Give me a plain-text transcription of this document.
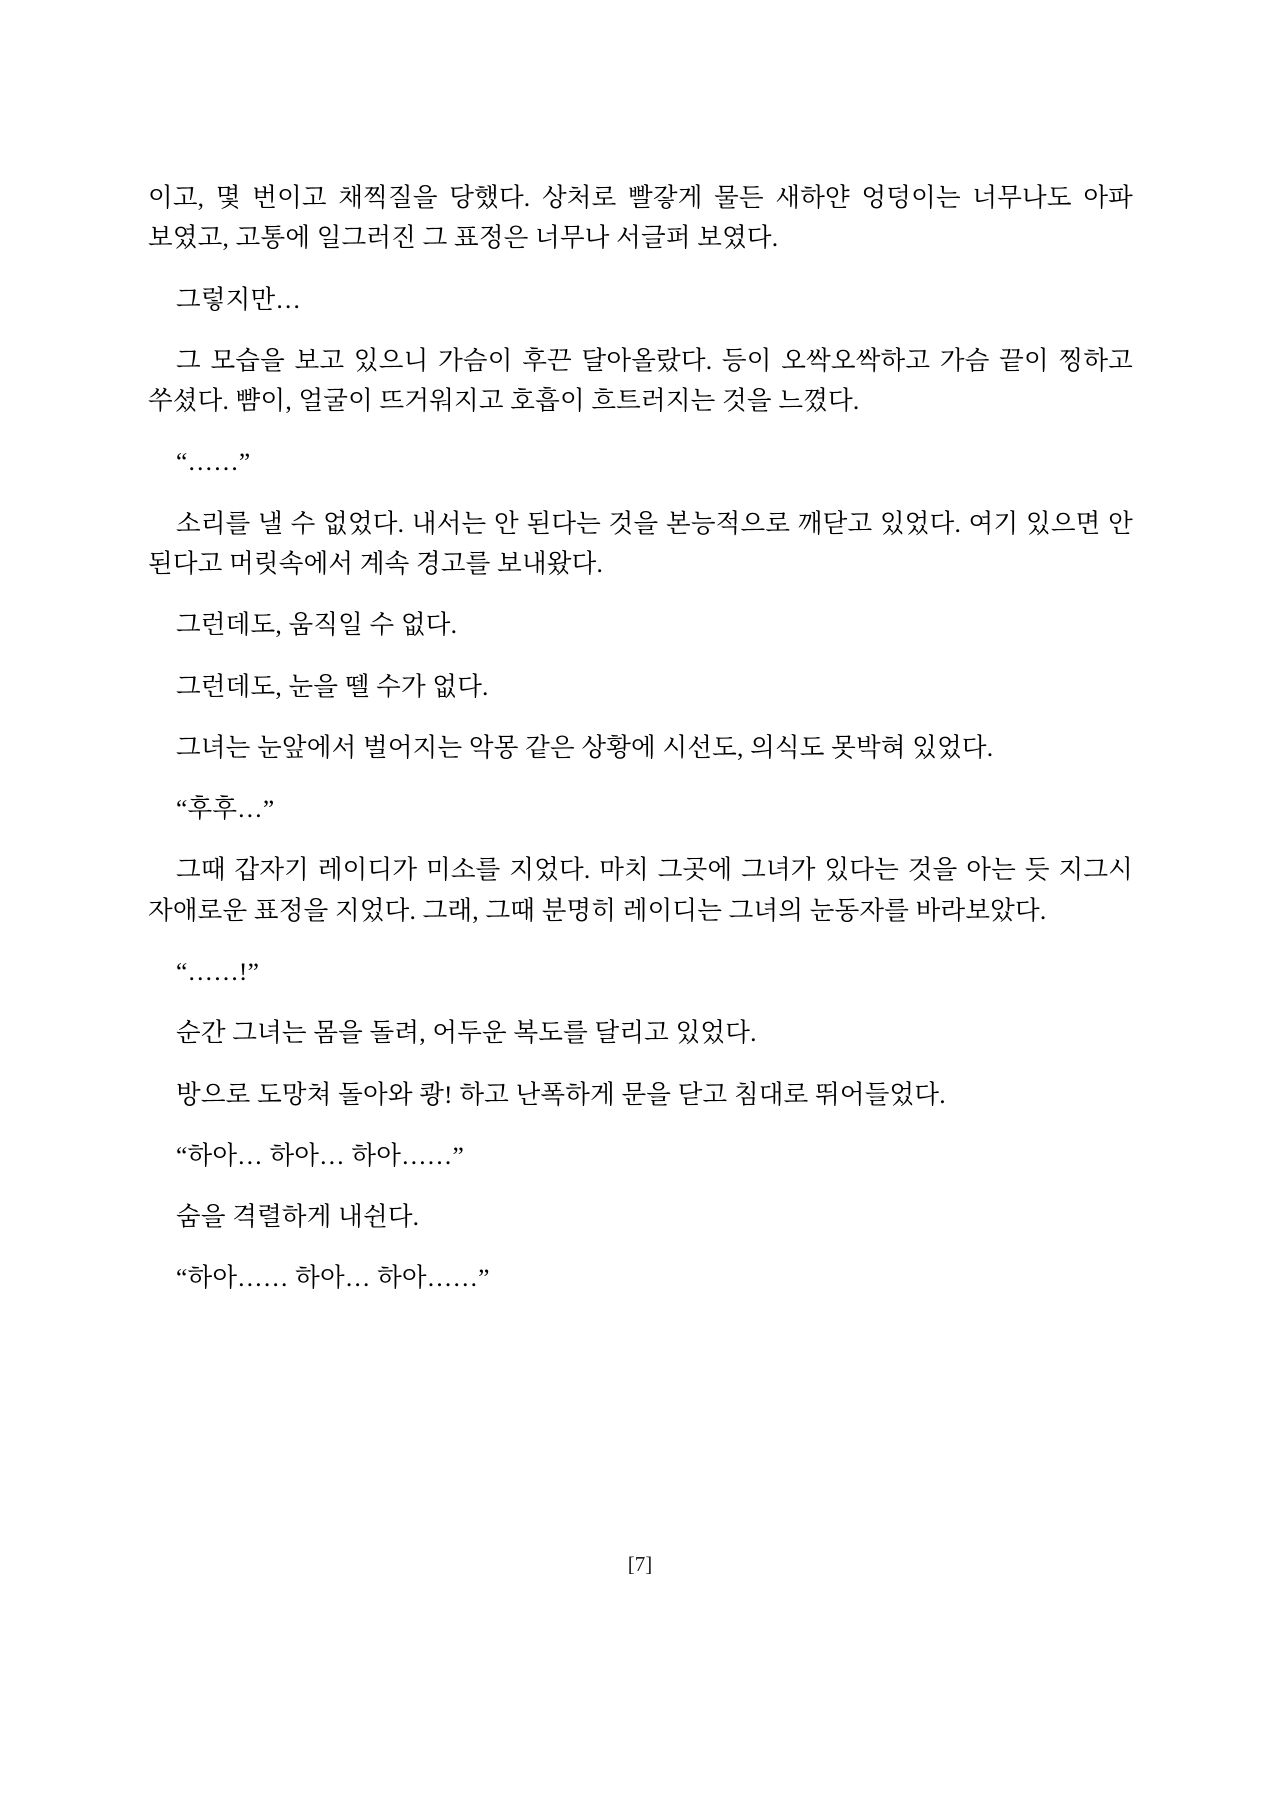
이고, 몇 번이고 채찍질을 당했다. 상처로 빨갛게 물든 새하얀 엉덩이는 너무나도 아파 보였고, 고통에 일그러진 그 표정은 너무나 서글퍼 보였다.

그렇지만…

그 모습을 보고 있으니 가슴이 후끈 달아올랐다. 등이 오싹오싹하고 가슴 끝이 찡하고 쑤셨다. 뺨이, 얼굴이 뜨거워지고 호흡이 흐트러지는 것을 느꼈다.

“……”

소리를 낼 수 없었다. 내서는 안 된다는 것을 본능적으로 깨닫고 있었다. 여기 있으면 안 된다고 머릿속에서 계속 경고를 보내왔다.

그런데도, 움직일 수 없다.

그런데도, 눈을 뗄 수가 없다.

그녀는 눈앞에서 벌어지는 악몽 같은 상황에 시선도, 의식도 못박혀 있었다.

“후후…”

그때 갑자기 레이디가 미소를 지었다. 마치 그곳에 그녀가 있다는 것을 아는 듯 지그시 자애로운 표정을 지었다. 그래, 그때 분명히 레이디는 그녀의 눈동자를 바라보았다.

“……!”

순간 그녀는 몸을 돌려, 어두운 복도를 달리고 있었다.

방으로 도망쳐 돌아와 쾅! 하고 난폭하게 문을 닫고 침대로 뛰어들었다.

“하아… 하아… 하아……”

숨을 격렬하게 내쉰다.

“하아…… 하아… 하아……”

[7]
